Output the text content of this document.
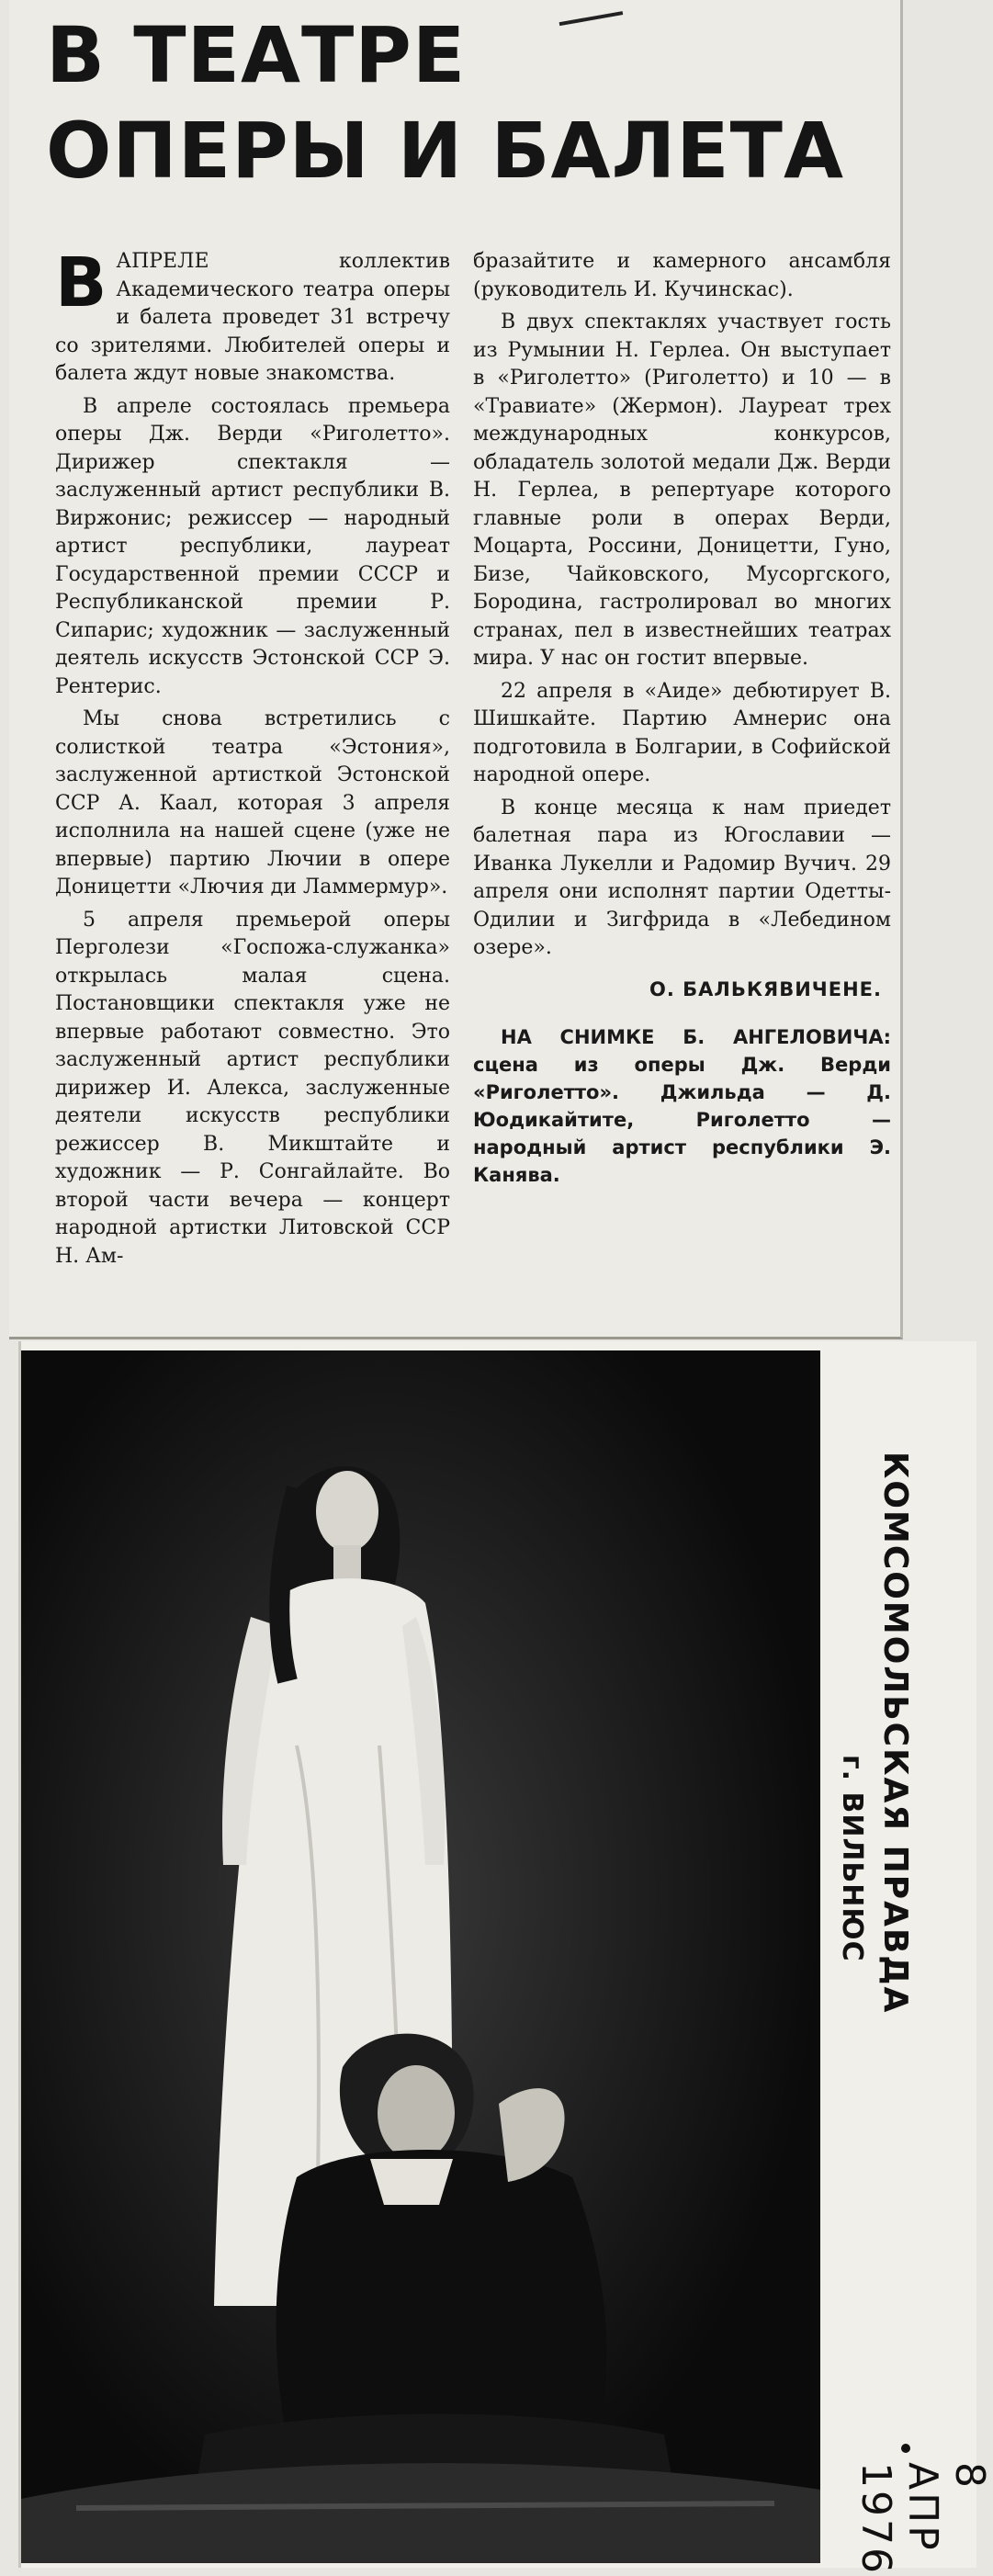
В ТЕАТРЕ
ОПЕРЫ И БАЛЕТА

ВАПРЕЛЕ коллектив Академического театра оперы и балета проведет 31 встречу со зрителями. Любителей оперы и балета ждут новые знакомства.

В апреле состоялась премьера оперы Дж. Верди «Риголетто». Дирижер спектакля — заслуженный артист республики В. Виржонис; режиссер — народный артист республики, лауреат Государственной премии СССР и Республиканской премии Р. Сипарис; художник — заслуженный деятель искусств Эстонской ССР Э. Рентерис.

Мы снова встретились с солисткой театра «Эстония», заслуженной артисткой Эстонской ССР А. Каал, которая 3 апреля исполнила на нашей сцене (уже не впервые) партию Лючии в опере Доницетти «Лючия ди Ламмермур».

5 апреля премьерой оперы Перголези «Госпожа-служанка» открылась малая сцена. Постановщики спектакля уже не впервые работают совместно. Это заслуженный артист республики дирижер И. Алекса, заслуженные деятели искусств республики режиссер В. Микштайте и художник — Р. Сонгайлайте. Во второй части вечера — концерт народной артистки Литовской ССР Н. Ам-

бразайтите и камерного ансамбля (руководитель И. Кучинскас).

В двух спектаклях участвует гость из Румынии Н. Герлеа. Он выступает в «Риголетто» (Риголетто) и 10 — в «Травиате» (Жермон). Лауреат трех международных конкурсов, обладатель золотой медали Дж. Верди Н. Герлеа, в репертуаре которого главные роли в операх Верди, Моцарта, Россини, Доницетти, Гуно, Бизе, Чайковского, Мусоргского, Бородина, гастролировал во многих странах, пел в известнейших театрах мира. У нас он гостит впервые.

22 апреля в «Аиде» дебютирует В. Шишкайте. Партию Амнерис она подготовила в Болгарии, в Софийской народной опере.

В конце месяца к нам приедет балетная пара из Югославии — Иванка Лукелли и Радомир Вучич. 29 апреля они исполнят партии Одетты-Одилии и Зигфрида в «Лебедином озере».

О. БАЛЬКЯВИЧЕНЕ.
НА СНИМКЕ Б. АНГЕЛОВИЧА: сцена из оперы Дж. Верди «Риголетто». Джильда — Д. Юодикайтите, Риголетто — народный артист республики Э. Канява.
КОМСОМОЛЬСКАЯ ПРАВДА
г. ВИЛЬНЮС
8 АПР 1976
